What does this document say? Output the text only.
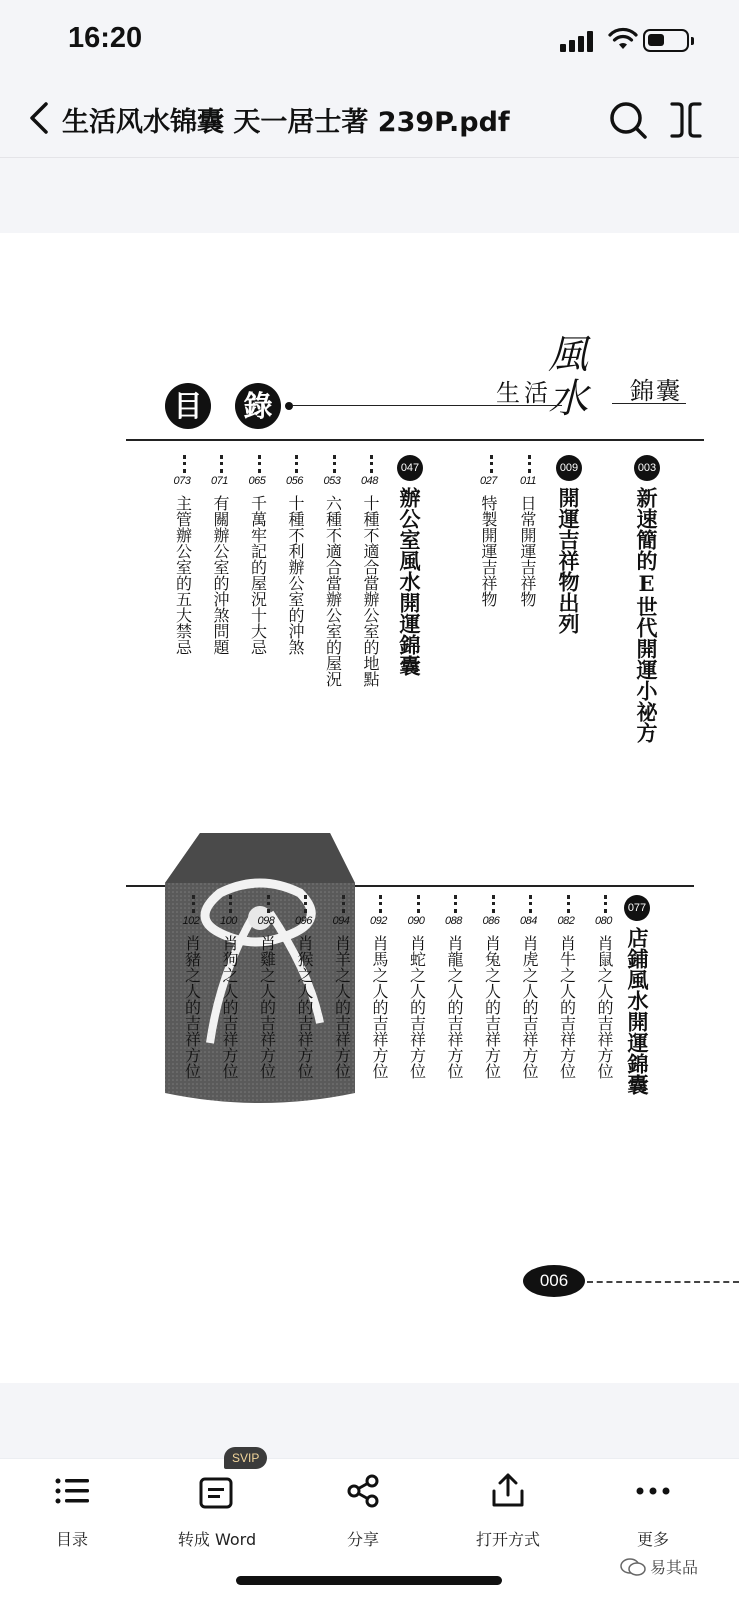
16:20
生活风水锦囊 天一居士著 239P.pdf
生活
風水	錦囊
目 錄
003
新速簡的E世代開運小祕方
009
開運吉祥物出列
011
日常開運吉祥物
027
特製開運吉祥物
047
辦公室風水開運錦囊
048
十種不適合當辦公室的地點
053
六種不適合當辦公室的屋況
056
十種不利辦公室的沖煞
065
千萬牢記的屋況十大忌
071
有關辦公室的沖煞問題
073
主管辦公室的五大禁忌
077
店鋪風水開運錦囊
080
肖鼠之人的吉祥方位
082
肖牛之人的吉祥方位
084
肖虎之人的吉祥方位
086
肖兔之人的吉祥方位
088
肖龍之人的吉祥方位
090
肖蛇之人的吉祥方位
092
肖馬之人的吉祥方位
094
肖羊之人的吉祥方位
096
肖猴之人的吉祥方位
098
肖雞之人的吉祥方位
100
肖狗之人的吉祥方位
102
肖豬之人的吉祥方位
006
目录	转成 Word
SVIP
分享	打开方式	更多
易其品
